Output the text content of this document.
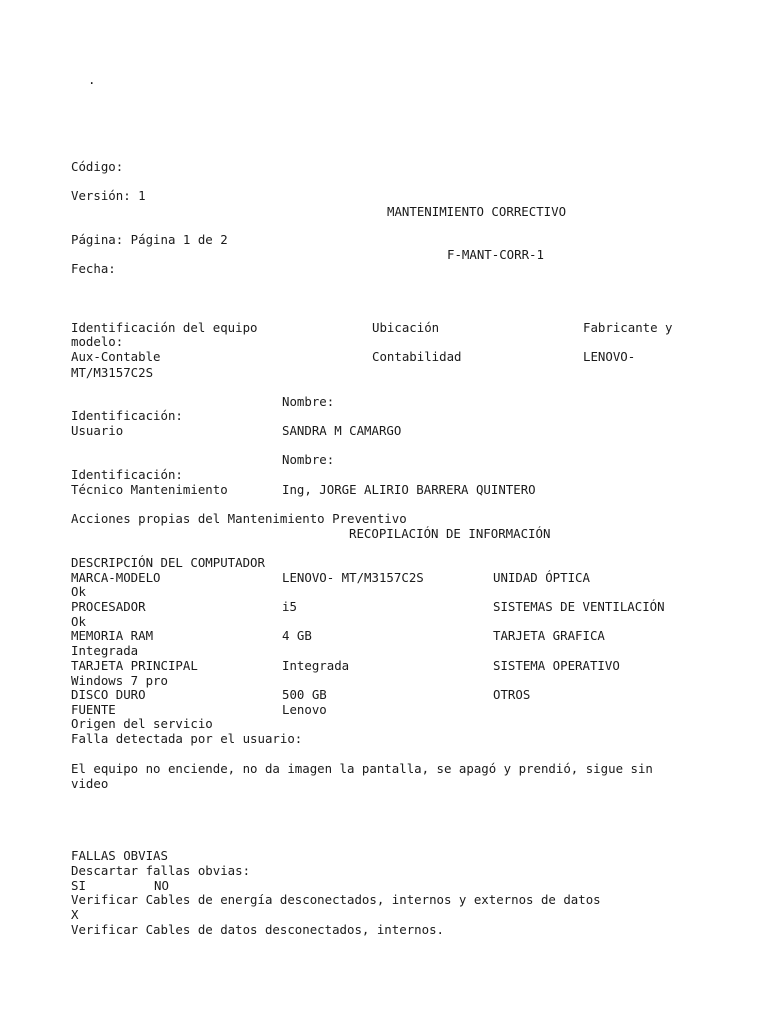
.
Código:
Versión: 1
MANTENIMIENTO CORRECTIVO
Página: Página 1 de 2
F-MANT-CORR-1
Fecha:
Identificación del equipo	Ubicación	Fabricante y
modelo:
Aux-Contable	Contabilidad	LENOVO-
MT/M3157C2S
Nombre:
Identificación:
Usuario	SANDRA M CAMARGO
Nombre:
Identificación:
Técnico Mantenimiento	Ing, JORGE ALIRIO BARRERA QUINTERO
Acciones propias del Mantenimiento Preventivo
RECOPILACIÓN DE INFORMACIÓN
DESCRIPCIÓN DEL COMPUTADOR
MARCA-MODELO	LENOVO- MT/M3157C2S	UNIDAD ÓPTICA
Ok
PROCESADOR	i5	SISTEMAS DE VENTILACIÓN
Ok
MEMORIA RAM	4 GB	TARJETA GRAFICA
Integrada
TARJETA PRINCIPAL	Integrada	SISTEMA OPERATIVO
Windows 7 pro
DISCO DURO	500 GB	OTROS
FUENTE	Lenovo
Origen del servicio
Falla detectada por el usuario:
El equipo no enciende, no da imagen la pantalla, se apagó y prendió, sigue sin
video
FALLAS OBVIAS
Descartar fallas obvias:
SI	NO
Verificar Cables de energía desconectados, internos y externos de datos
X
Verificar Cables de datos desconectados, internos.
